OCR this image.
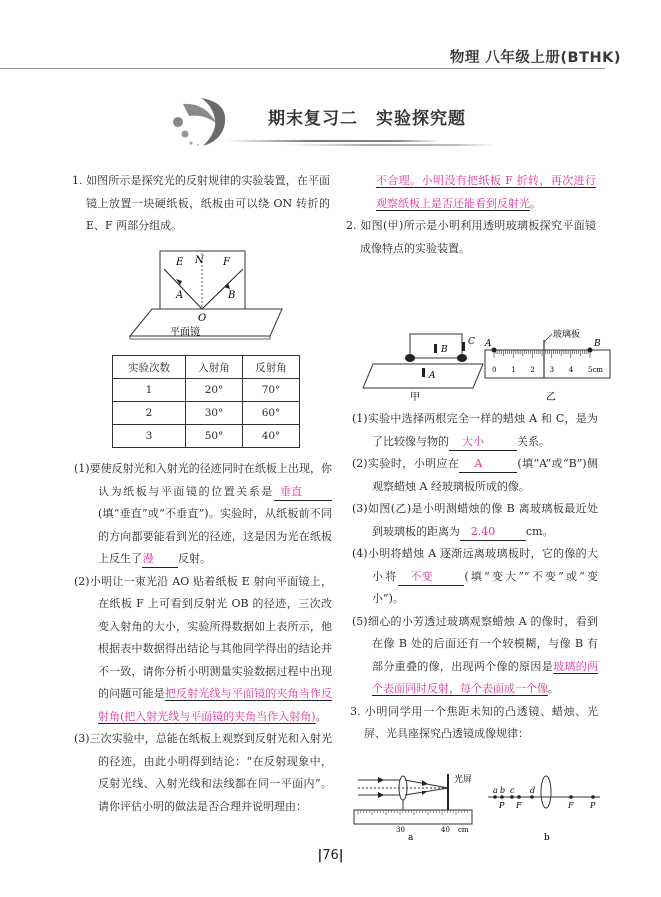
物理 八年级上册(BTHK)
期末复习二　实验探究题

1. 如图所示是探究光的反射规律的实验装置，在平面镜上放置一块硬纸板，纸板由可以绕 ON 转折的 E、F 两部分组成。

E N F
A	B
O
平面镜
实验次数	入射角	反射角
1	20°	70°
2	30°	60°
3	50°	40°

(1)要使反射光和入射光的径迹同时在纸板上出现，你认为纸板与平面镜的位置关系是 垂直(填“垂直”或“不垂直”)。实验时，从纸板前不同的方向都要能看到光的径迹，这是因为光在纸板上反生了漫 反射。

(2)小明让一束光沿 AO 贴着纸板 E 射向平面镜上，在纸板 F 上可看到反射光 OB 的径迹，三次改变入射角的大小，实验所得数据如上表所示，他根据表中数据得出结论与其他同学得出的结论并不一致，请你分析小明测量实验数据过程中出现的问题可能是把反射光线与平面镜的夹角当作反射角(把入射光线与平面镜的夹角当作入射角)。

(3)三次实验中，总能在纸板上观察到反射光和入射光的径迹，由此小明得到结论：“在反射现象中，反射光线、入射光线和法线都在同一平面内”。请你评估小明的做法是否合理并说明理由：

不合理。小明没有把纸板 F 折转，再次进行观察纸板上是否还能看到反射光。

2. 如图(甲)所示是小明利用透明玻璃板探究平面镜成像特点的实验装置。

B
C
A
甲
玻璃板
A	B
0 1 2 3 4 5cm
乙

(1)实验中选择两根完全一样的蜡烛 A 和 C，是为了比较像与物的 大小	关系。

(2)实验时，小明应在 A	(填“A”或“B”)侧观察蜡烛 A 经玻璃板所成的像。

(3)如图(乙)是小明测蜡烛的像 B 离玻璃板最近处到玻璃板的距离为 2.40	cm。

(4)小明将蜡烛 A 逐渐远离玻璃板时，它的像的大小将 不变	(填“变大”“不变”或“变小”)。

(5)细心的小芳透过玻璃观察蜡烛 A 的像时，看到在像 B 处的后面还有一个较模糊，与像 B 有部分重叠的像，出现两个像的原因是玻璃的两个表面同时反射，每个表面成一个像。

3. 小明同学用一个焦距未知的凸透镜、蜡烛、光屏、光具座探究凸透镜成像规律：

光屏
30	40 cm
a
a b c d
P F	F P
b
|76|
